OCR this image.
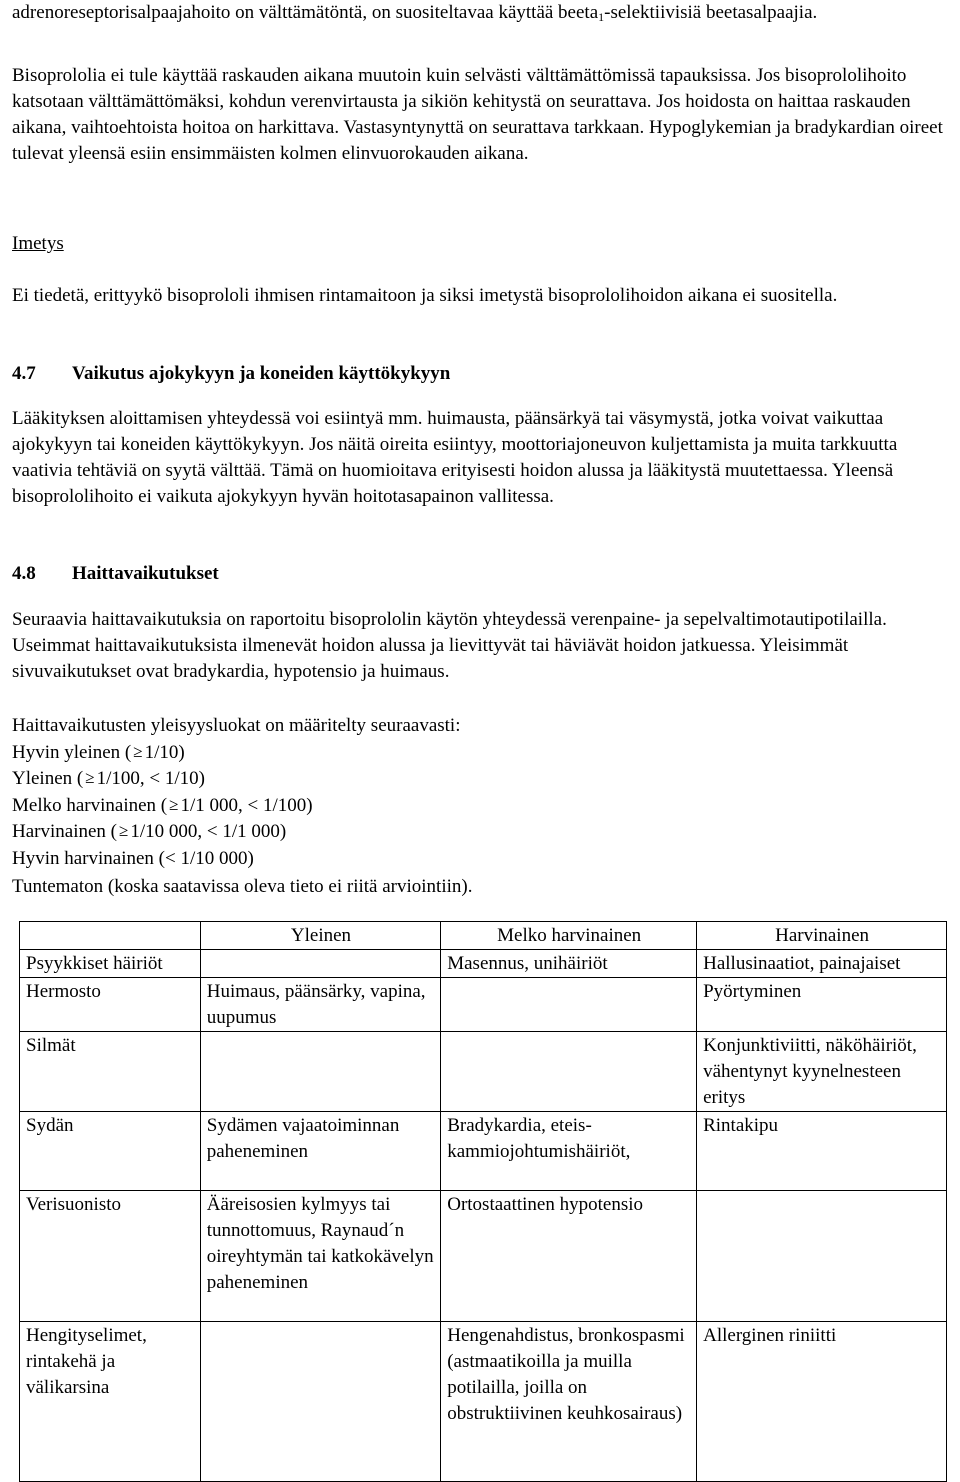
adrenoreseptorisalpaajahoito on välttämätöntä, on suositeltavaa käyttää beeta$_1$-selektiivisiä beetasalpaajia.

Bisoprololia ei tule käyttää raskauden aikana muutoin kuin selvästi välttämättömissä tapauksissa. Jos bisoprololihoito katsotaan välttämättömäksi, kohdun verenvirtausta ja sikiön kehitystä on seurattava. Jos hoidosta on haittaa raskauden aikana, vaihtoehtoista hoitoa on harkittava. Vastasyntynyttä on seurattava tarkkaan. Hypoglykemian ja bradykardian oireet tulevat yleensä esiin ensimmäisten kolmen elinvuorokauden aikana.

Imetys

Ei tiedetä, erittyykö bisoprololi ihmisen rintamaitoon ja siksi imetystä bisoprololihoidon aikana ei suositella.

4.7 Vaikutus ajokykyyn ja koneiden käyttökykyyn

Lääkityksen aloittamisen yhteydessä voi esiintyä mm. huimausta, päänsärkyä tai väsymystä, jotka voivat vaikuttaa ajokykyyn tai koneiden käyttökykyyn. Jos näitä oireita esiintyy, moottoriajoneuvon kuljettamista ja muita tarkkuutta vaativia tehtäviä on syytä välttää. Tämä on huomioitava erityisesti hoidon alussa ja lääkitystä muutettaessa. Yleensä bisoprololihoito ei vaikuta ajokykyyn hyvän hoitotasapainon vallitessa.

4.8 Haittavaikutukset

Seuraavia haittavaikutuksia on raportoitu bisoprololin käytön yhteydessä verenpaine- ja sepelvaltimotautipotilailla. Useimmat haittavaikutuksista ilmenevät hoidon alussa ja lievittyvät tai häviävät hoidon jatkuessa. Yleisimmät sivuvaikutukset ovat bradykardia, hypotensio ja huimaus.

Haittavaikutusten yleisyysluokat on määritelty seuraavasti:

Hyvin yleinen ( ≥ 1/10)

Yleinen ( ≥ 1/100, < 1/10)

Melko harvinainen ( ≥ 1/1 000, < 1/100)

Harvinainen ( ≥ 1/10 000, < 1/1 000)

Hyvin harvinainen (< 1/10 000)

Tuntematon (koska saatavissa oleva tieto ei riitä arviointiin).

	Yleinen	Melko harvinainen	Harvinainen
Psyykkiset häiriöt		Masennus, unihäiriöt	Hallusinaatiot, painajaiset
Hermosto	Huimaus, päänsärky, vapina, uupumus		Pyörtyminen
Silmät			Konjunktiviitti, näköhäiriöt, vähentynyt kyynelnesteen eritys
Sydän	Sydämen vajaatoiminnan paheneminen	Bradykardia, eteis-kammiojohtumishäiriöt,	Rintakipu
Verisuonisto	Ääreisosien kylmyys tai tunnottomuus, Raynaud´n oireyhtymän tai katkokävelyn paheneminen	Ortostaattinen hypotensio	
Hengityselimet, rintakehä ja välikarsina		Hengenahdistus, bronkospasmi (astmaatikoilla ja muilla potilailla, joilla on obstruktiivinen keuhkosairaus)	Allerginen riniitti
